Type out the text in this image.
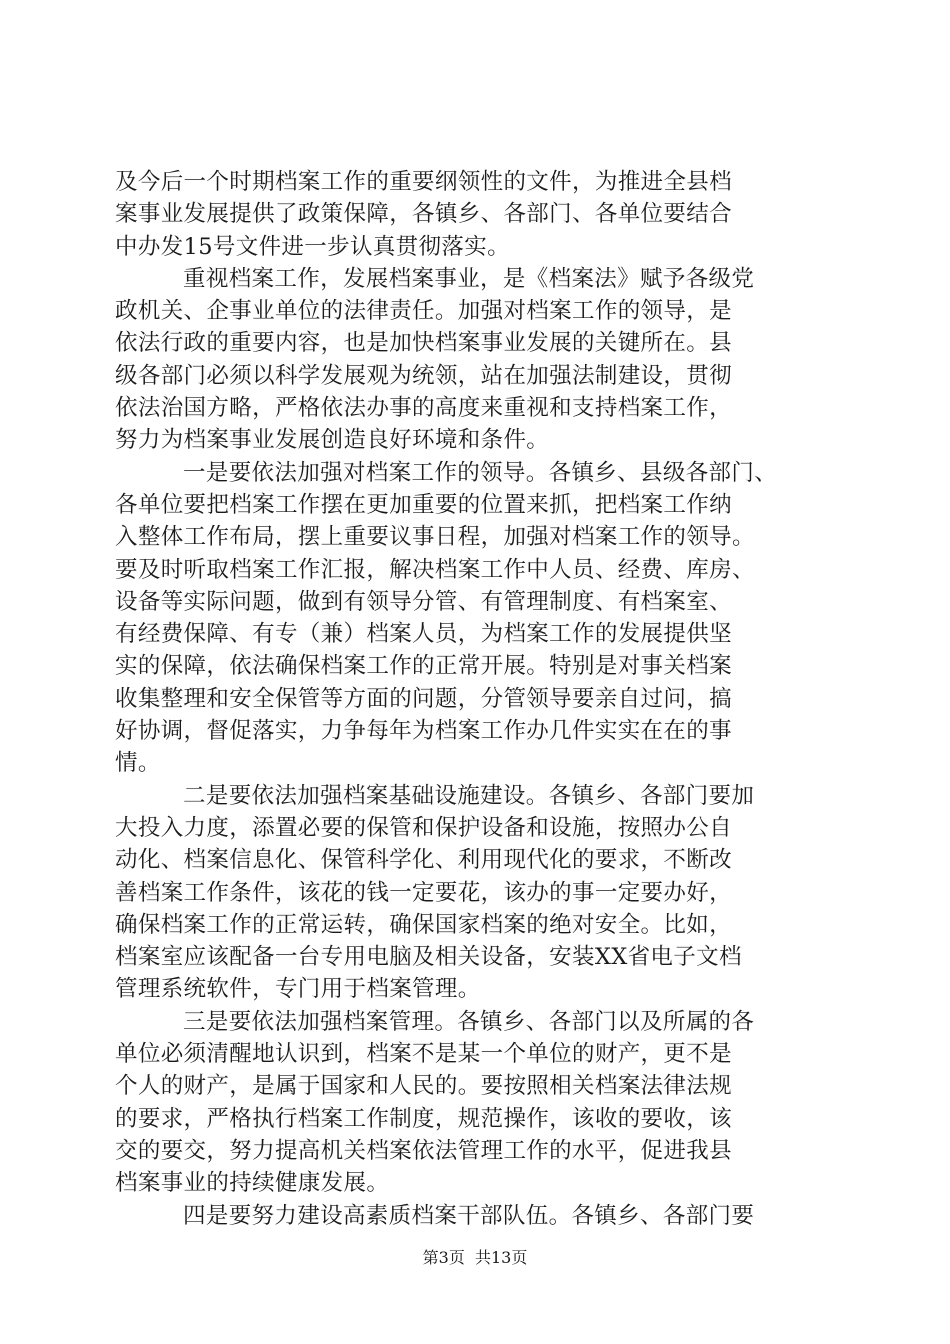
及今后一个时期档案工作的重要纲领性的文件，为推进全县档
案事业发展提供了政策保障，各镇乡、各部门、各单位要结合
中办发15号文件进一步认真贯彻落实。
重视档案工作，发展档案事业，是《档案法》赋予各级党
政机关、企事业单位的法律责任。加强对档案工作的领导，是
依法行政的重要内容，也是加快档案事业发展的关键所在。县
级各部门必须以科学发展观为统领，站在加强法制建设，贯彻
依法治国方略，严格依法办事的高度来重视和支持档案工作，
努力为档案事业发展创造良好环境和条件。
一是要依法加强对档案工作的领导。各镇乡、县级各部门、
各单位要把档案工作摆在更加重要的位置来抓，把档案工作纳
入整体工作布局，摆上重要议事日程，加强对档案工作的领导。
要及时听取档案工作汇报，解决档案工作中人员、经费、库房、
设备等实际问题，做到有领导分管、有管理制度、有档案室、
有经费保障、有专（兼）档案人员，为档案工作的发展提供坚
实的保障，依法确保档案工作的正常开展。特别是对事关档案
收集整理和安全保管等方面的问题，分管领导要亲自过问，搞
好协调，督促落实，力争每年为档案工作办几件实实在在的事
情。
二是要依法加强档案基础设施建设。各镇乡、各部门要加
大投入力度，添置必要的保管和保护设备和设施，按照办公自
动化、档案信息化、保管科学化、利用现代化的要求，不断改
善档案工作条件，该花的钱一定要花，该办的事一定要办好，
确保档案工作的正常运转，确保国家档案的绝对安全。比如，
档案室应该配备一台专用电脑及相关设备，安装XX省电子文档
管理系统软件，专门用于档案管理。
三是要依法加强档案管理。各镇乡、各部门以及所属的各
单位必须清醒地认识到，档案不是某一个单位的财产，更不是
个人的财产，是属于国家和人民的。要按照相关档案法律法规
的要求，严格执行档案工作制度，规范操作，该收的要收，该
交的要交，努力提高机关档案依法管理工作的水平，促进我县
档案事业的持续健康发展。
四是要努力建设高素质档案干部队伍。各镇乡、各部门要
第3页  共13页
